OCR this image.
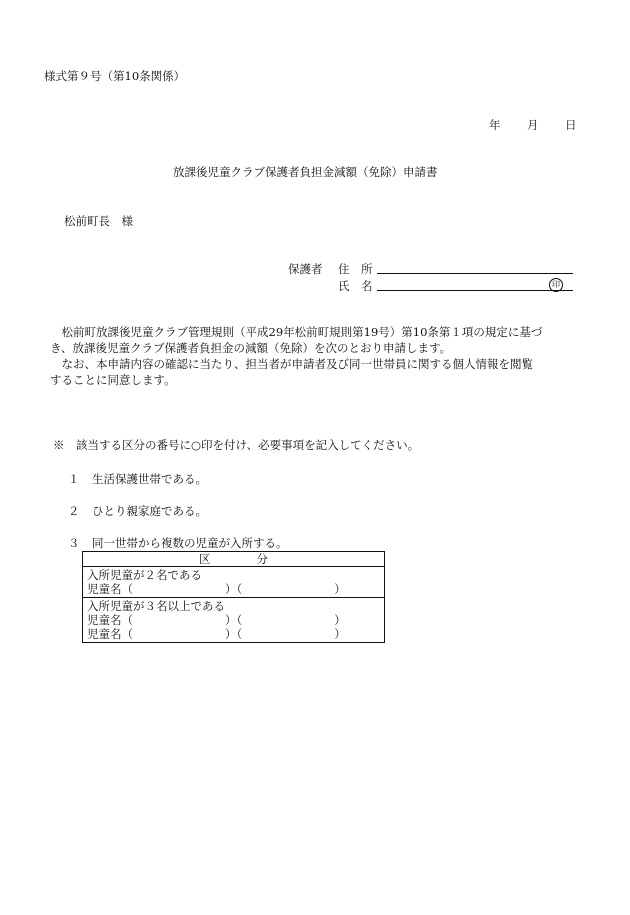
様式第９号（第10条関係）
年 月 日
放課後児童クラブ保護者負担金減額（免除）申請書
松前町長　様
保護者 住　所
氏　名	印

　松前町放課後児童クラブ管理規則（平成29年松前町規則第19号）第10条第１項の規定に基づ

き、放課後児童クラブ保護者負担金の減額（免除）を次のとおり申請します。

　なお、本申請内容の確認に当たり、担当者が申請者及び同一世帯員に関する個人情報を閲覧

することに同意します。

※　該当する区分の番号に○印を付け、必要事項を記入してください。
１ 生活保護世帯である。
２ ひとり親家庭である。
３ 同一世帯から複数の児童が入所する。
区　　　　分

入所児童が２名である
児童名（　　　　　　　　）（　　　　　　　　）

入所児童が３名以上である
児童名（　　　　　　　　）（　　　　　　　　）
児童名（　　　　　　　　）（　　　　　　　　）
